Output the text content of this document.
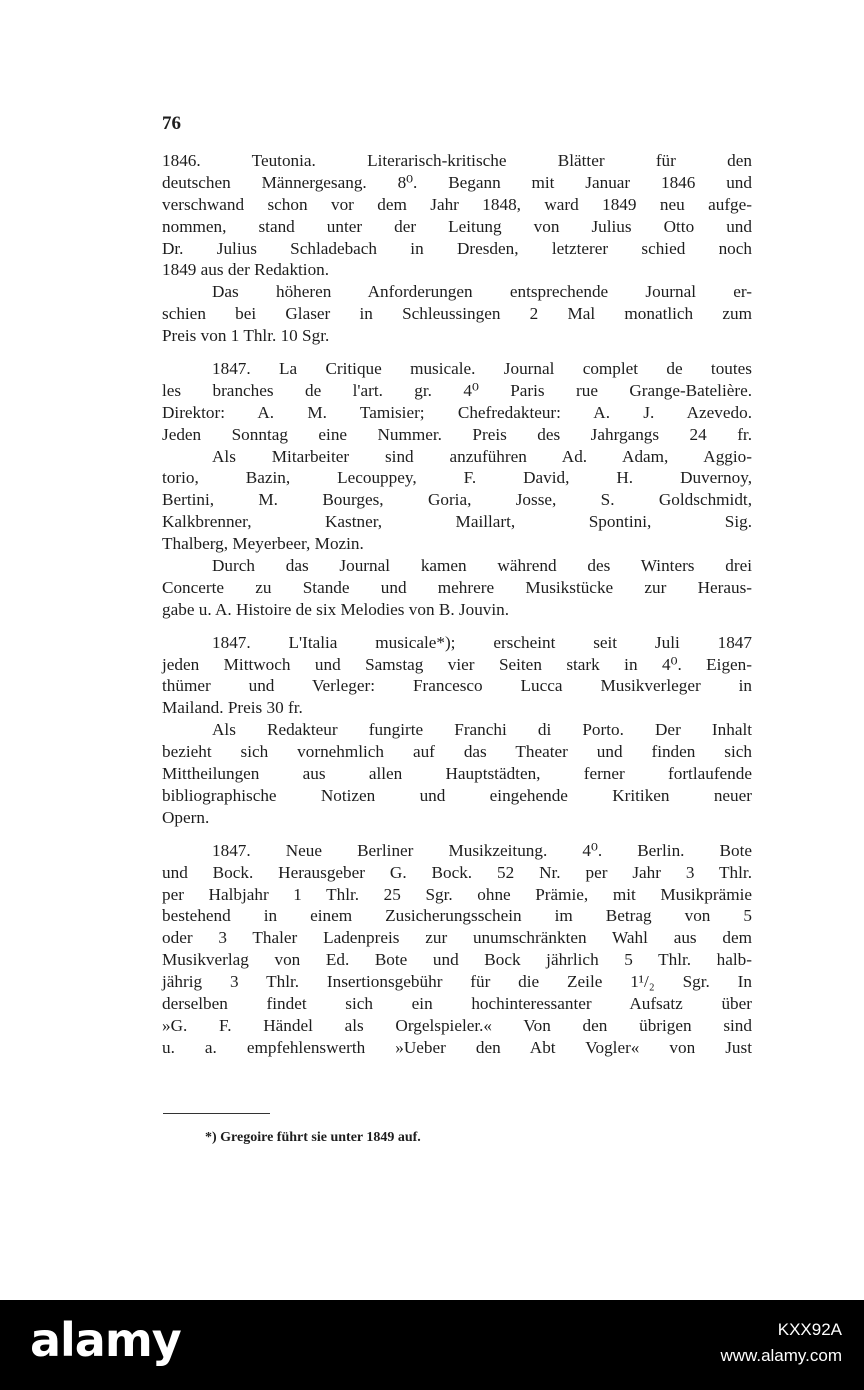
76
1846. Teutonia. Literarisch-kritische Blätter für den
deutschen Männergesang. 8⁰. Begann mit Januar 1846 und
verschwand schon vor dem Jahr 1848, ward 1849 neu aufge-
nommen, stand unter der Leitung von Julius Otto und
Dr. Julius Schladebach in Dresden, letzterer schied noch
1849 aus der Redaktion.
Das höheren Anforderungen entsprechende Journal er-
schien bei Glaser in Schleussingen 2 Mal monatlich zum
Preis von 1 Thlr. 10 Sgr.
1847. La Critique musicale. Journal complet de toutes
les branches de l'art. gr. 4⁰ Paris rue Grange-Batelière.
Direktor: A. M. Tamisier; Chefredakteur: A. J. Azevedo.
Jeden Sonntag eine Nummer. Preis des Jahrgangs 24 fr.
Als Mitarbeiter sind anzuführen Ad. Adam, Aggio-
torio, Bazin, Lecouppey, F. David, H. Duvernoy,
Bertini, M. Bourges, Goria, Josse, S. Goldschmidt,
Kalkbrenner, Kastner, Maillart, Spontini, Sig.
Thalberg, Meyerbeer, Mozin.
Durch das Journal kamen während des Winters drei
Concerte zu Stande und mehrere Musikstücke zur Heraus-
gabe u. A. Histoire de six Melodies von B. Jouvin.
1847. L'Italia musicale*); erscheint seit Juli 1847
jeden Mittwoch und Samstag vier Seiten stark in 4⁰. Eigen-
thümer und Verleger: Francesco Lucca Musikverleger in
Mailand. Preis 30 fr.
Als Redakteur fungirte Franchi di Porto. Der Inhalt
bezieht sich vornehmlich auf das Theater und finden sich
Mittheilungen aus allen Hauptstädten, ferner fortlaufende
bibliographische Notizen und eingehende Kritiken neuer
Opern.
1847. Neue Berliner Musikzeitung. 4⁰. Berlin. Bote
und Bock. Herausgeber G. Bock. 52 Nr. per Jahr 3 Thlr.
per Halbjahr 1 Thlr. 25 Sgr. ohne Prämie, mit Musikprämie
bestehend in einem Zusicherungsschein im Betrag von 5
oder 3 Thaler Ladenpreis zur unumschränkten Wahl aus dem
Musikverlag von Ed. Bote und Bock jährlich 5 Thlr. halb-
jährig 3 Thlr. Insertionsgebühr für die Zeile 1¹/₂ Sgr. In
derselben findet sich ein hochinteressanter Aufsatz über
»G. F. Händel als Orgelspieler.« Von den übrigen sind
u. a. empfehlenswerth »Ueber den Abt Vogler« von Just
*) Gregoire führt sie unter 1849 auf.
alamy	KXX92A
www.alamy.com
